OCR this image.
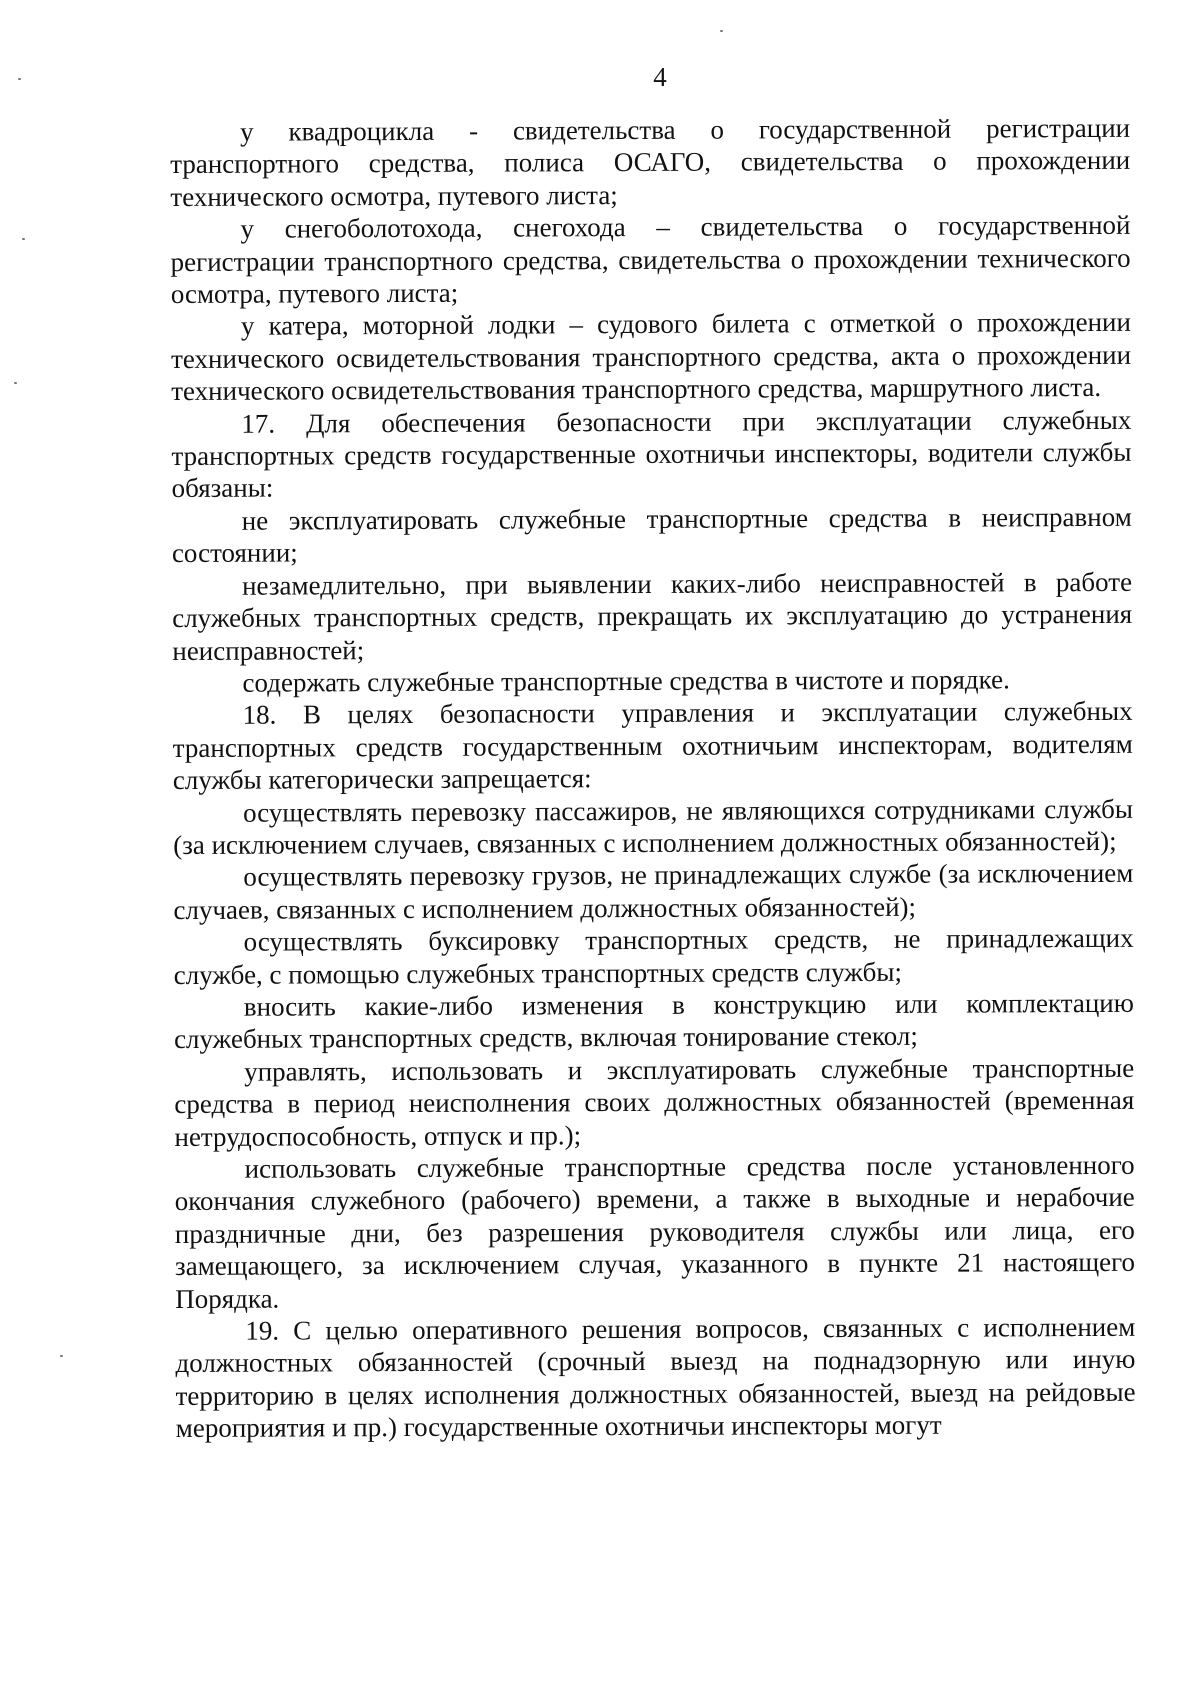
4

у квадроцикла - свидетельства о государственной регистрации транспортного средства, полиса ОСАГО, свидетельства о прохождении технического осмотра, путевого листа;

у снегоболотохода, снегохода – свидетельства о государственной регистрации транспортного средства, свидетельства о прохождении технического осмотра, путевого листа;

у катера, моторной лодки – судового билета с отметкой о прохождении технического освидетельствования транспортного средства, акта о прохождении технического освидетельствования транспортного средства, маршрутного листа.

17. Для обеспечения безопасности при эксплуатации служебных транспортных средств государственные охотничьи инспекторы, водители службы обязаны:

не эксплуатировать служебные транспортные средства в неисправном состоянии;

незамедлительно, при выявлении каких-либо неисправностей в работе служебных транспортных средств, прекращать их эксплуатацию до устранения неисправностей;

содержать служебные транспортные средства в чистоте и порядке.

18. В целях безопасности управления и эксплуатации служебных транспортных средств государственным охотничьим инспекторам, водителям службы категорически запрещается:

осуществлять перевозку пассажиров, не являющихся сотрудниками службы (за исключением случаев, связанных с исполнением должностных обязанностей);

осуществлять перевозку грузов, не принадлежащих службе (за исключением случаев, связанных с исполнением должностных обязанностей);

осуществлять буксировку транспортных средств, не принадлежащих службе, с помощью служебных транспортных средств службы;

вносить какие-либо изменения в конструкцию или комплектацию служебных транспортных средств, включая тонирование стекол;

управлять, использовать и эксплуатировать служебные транспортные средства в период неисполнения своих должностных обязанностей (временная нетрудоспособность, отпуск и пр.);

использовать служебные транспортные средства после установленного окончания служебного (рабочего) времени, а также в выходные и нерабочие праздничные дни, без разрешения руководителя службы или лица, его замещающего, за исключением случая, указанного в пункте 21 настоящего Порядка.

19. С целью оперативного решения вопросов, связанных с исполнением должностных обязанностей (срочный выезд на поднадзорную или иную территорию в целях исполнения должностных обязанностей, выезд на рейдовые мероприятия и пр.) государственные охотничьи инспекторы могут
